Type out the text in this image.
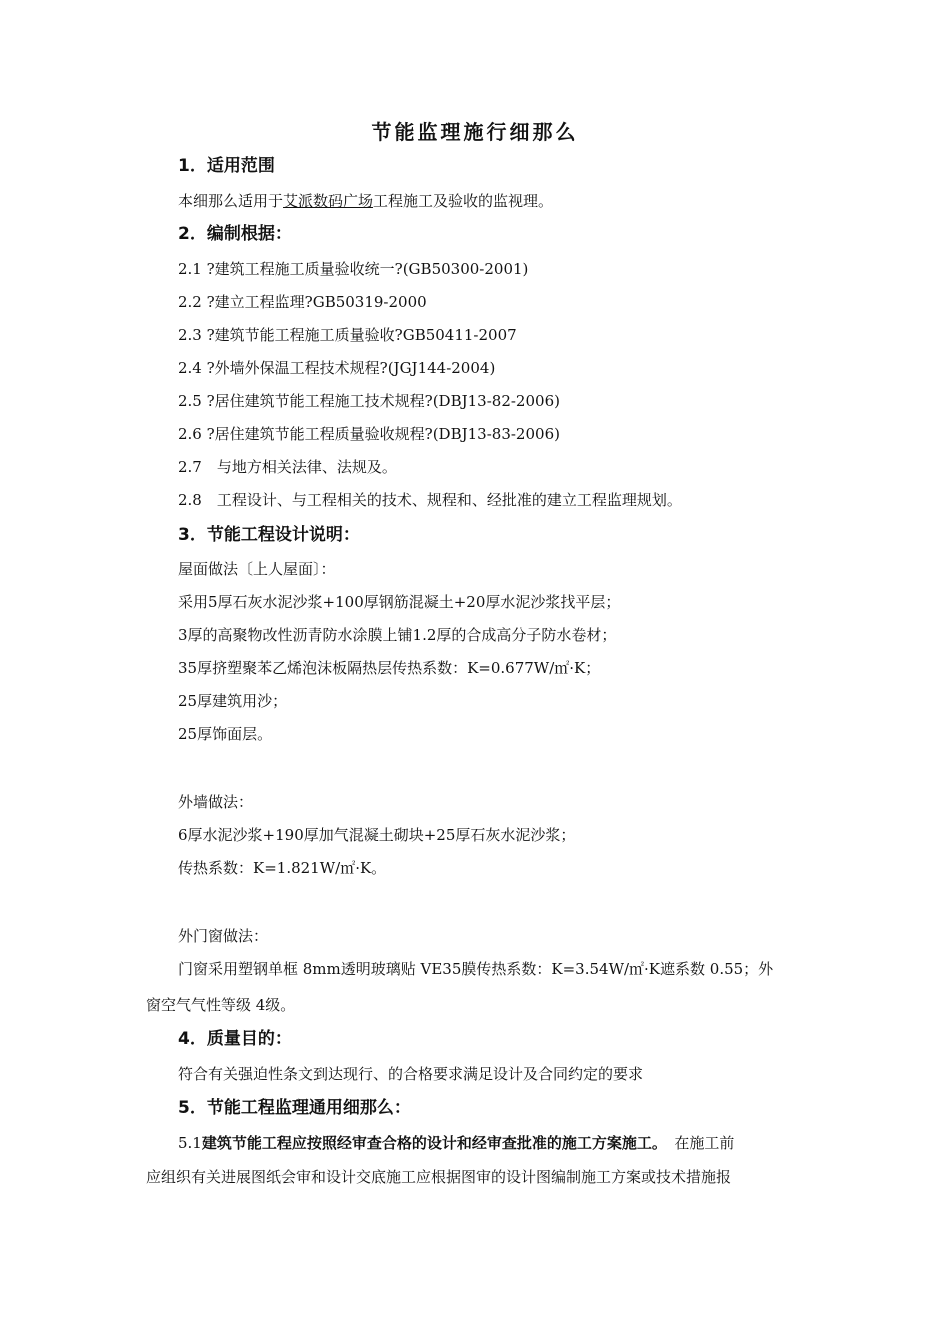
节能监理施行细那么
1．适用范围
本细那么适用于艾派数码广场工程施工及验收的监视理。
2．编制根据：
2.1 ?建筑工程施工质量验收统一?(GB50300-2001)
2.2 ?建立工程监理?GB50319-2000
2.3 ?建筑节能工程施工质量验收?GB50411-2007
2.4 ?外墙外保温工程技术规程?(JGJ144-2004)
2.5 ?居住建筑节能工程施工技术规程?(DBJ13-82-2006)
2.6 ?居住建筑节能工程质量验收规程?(DBJ13-83-2006)
2.7　与地方相关法律、法规及。
2.8　工程设计、与工程相关的技术、规程和、经批准的建立工程监理规划。
3．节能工程设计说明：
屋面做法〔上人屋面〕：
采用5厚石灰水泥沙浆+100厚钢筋混凝土+20厚水泥沙浆找平层；
3厚的高聚物改性沥青防水涂膜上铺1.2厚的合成高分子防水卷材；
35厚挤塑聚苯乙烯泡沫板隔热层传热系数：K=0.677W/㎡·K；
25厚建筑用沙；
25厚饰面层。
外墙做法：
6厚水泥沙浆+190厚加气混凝土砌块+25厚石灰水泥沙浆；
传热系数：K=1.821W/㎡·K。
外门窗做法：
门窗采用塑钢单框 8mm透明玻璃贴 VE35膜传热系数：K=3.54W/㎡·K遮系数 0.55；外
窗空气气性等级 4级。
4．质量目的：
符合有关强迫性条文到达现行、的合格要求满足设计及合同约定的要求
5．节能工程监理通用细那么：
5.1建筑节能工程应按照经审查合格的设计和经审查批准的施工方案施工。　在施工前
应组织有关进展图纸会审和设计交底施工应根据图审的设计图编制施工方案或技术措施报
